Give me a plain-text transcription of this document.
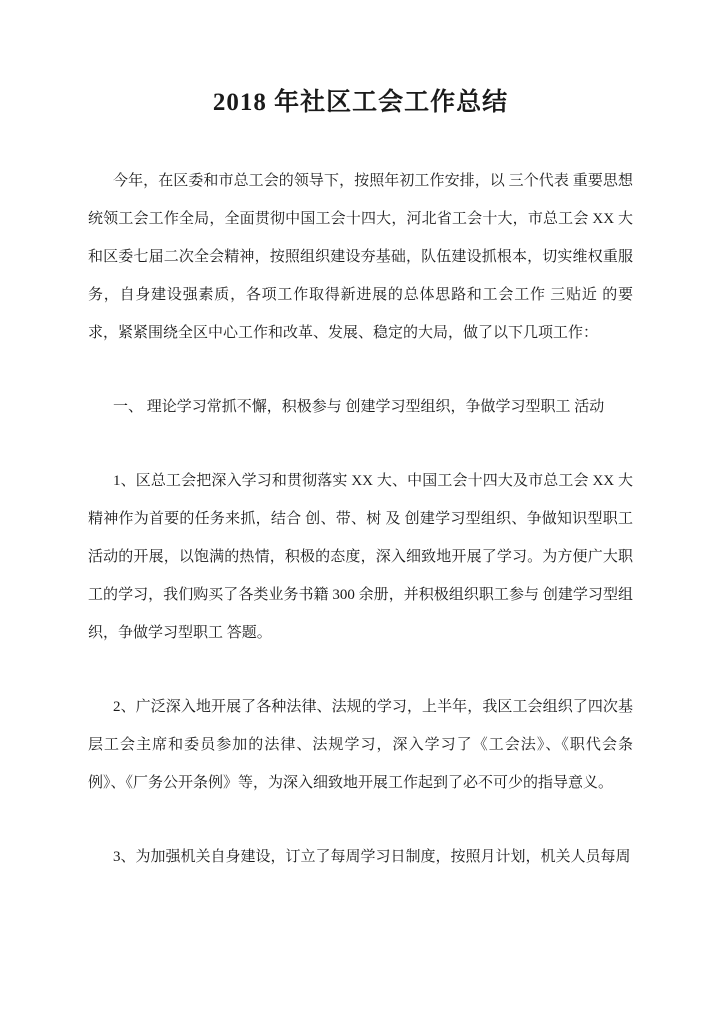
2018 年社区工会工作总结

今年，在区委和市总工会的领导下，按照年初工作安排，以 三个代表 重要思想统领工会工作全局，全面贯彻中国工会十四大，河北省工会十大，市总工会 XX 大和区委七届二次全会精神，按照组织建设夯基础，队伍建设抓根本，切实维权重服务，自身建设强素质，各项工作取得新进展的总体思路和工会工作 三贴近 的要求，紧紧围绕全区中心工作和改革、发展、稳定的大局，做了以下几项工作：

一、 理论学习常抓不懈，积极参与 创建学习型组织，争做学习型职工 活动

1、区总工会把深入学习和贯彻落实 XX 大、中国工会十四大及市总工会 XX 大精神作为首要的任务来抓，结合 创、带、树 及 创建学习型组织、争做知识型职工 活动的开展，以饱满的热情，积极的态度，深入细致地开展了学习。为方便广大职工的学习，我们购买了各类业务书籍 300 余册，并积极组织职工参与 创建学习型组织，争做学习型职工 答题。

2、广泛深入地开展了各种法律、法规的学习，上半年，我区工会组织了四次基层工会主席和委员参加的法律、法规学习，深入学习了《工会法》、《职代会条例》、《厂务公开条例》等，为深入细致地开展工作起到了必不可少的指导意义。

3、为加强机关自身建设，订立了每周学习日制度，按照月计划，机关人员每周
